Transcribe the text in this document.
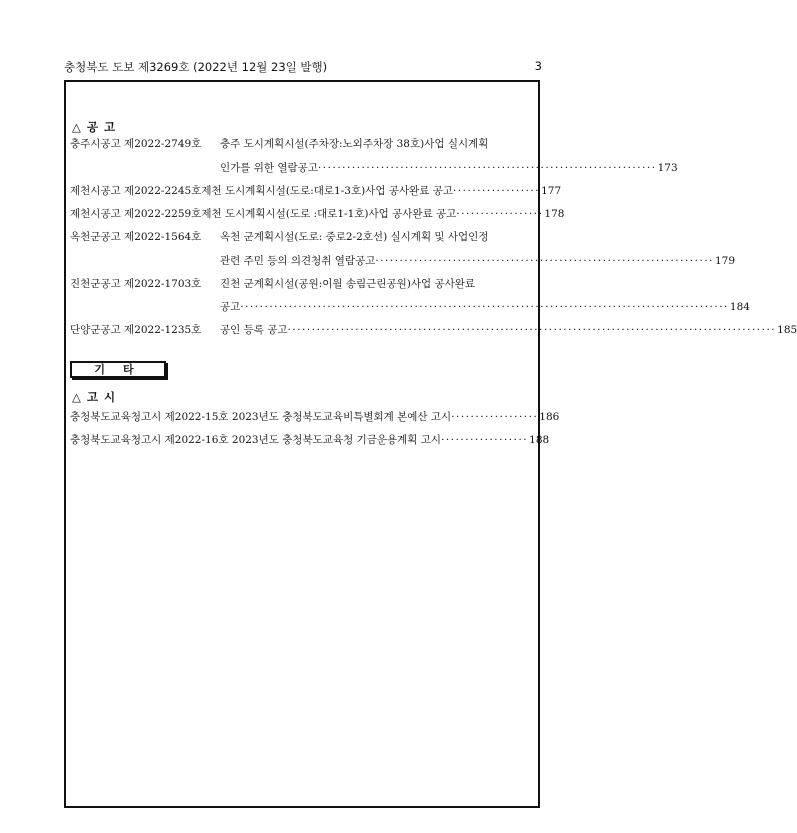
충청북도 도보 제3269호 (2022년 12월 23일 발행)	3
△공고
충주시공고 제2022-2749호 충주 도시계획시설(주차장:노외주차장 38호)사업 실시계획
인가를 위한 열람공고 ······································································ 173
제천시공고 제2022-2245호 제천 도시계획시설(도로:대로1-3호)사업 공사완료 공고 ·················· 177
제천시공고 제2022-2259호 제천 도시계획시설(도로 :대로1-1호)사업 공사완료 공고 ·················· 178
옥천군공고 제2022-1564호 옥천 군계획시설(도로: 중로2-2호선) 실시계획 및 사업인정
관련 주민 등의 의견청취 열람공고 ······································································ 179
진천군공고 제2022-1703호 진천 군계획시설(공원:이월 송림근린공원)사업 공사완료
공고 ····································································································· 184
단양군공고 제2022-1235호	공인 등록 공고 ····································································································· 185
기타
△고시
충청북도교육청고시 제2022-15호
2023년도 충청북도교육비특별회계 본예산 고시 ·················· 186
충청북도교육청고시 제2022-16호
2023년도 충청북도교육청 기금운용계획 고시 ·················· 188
